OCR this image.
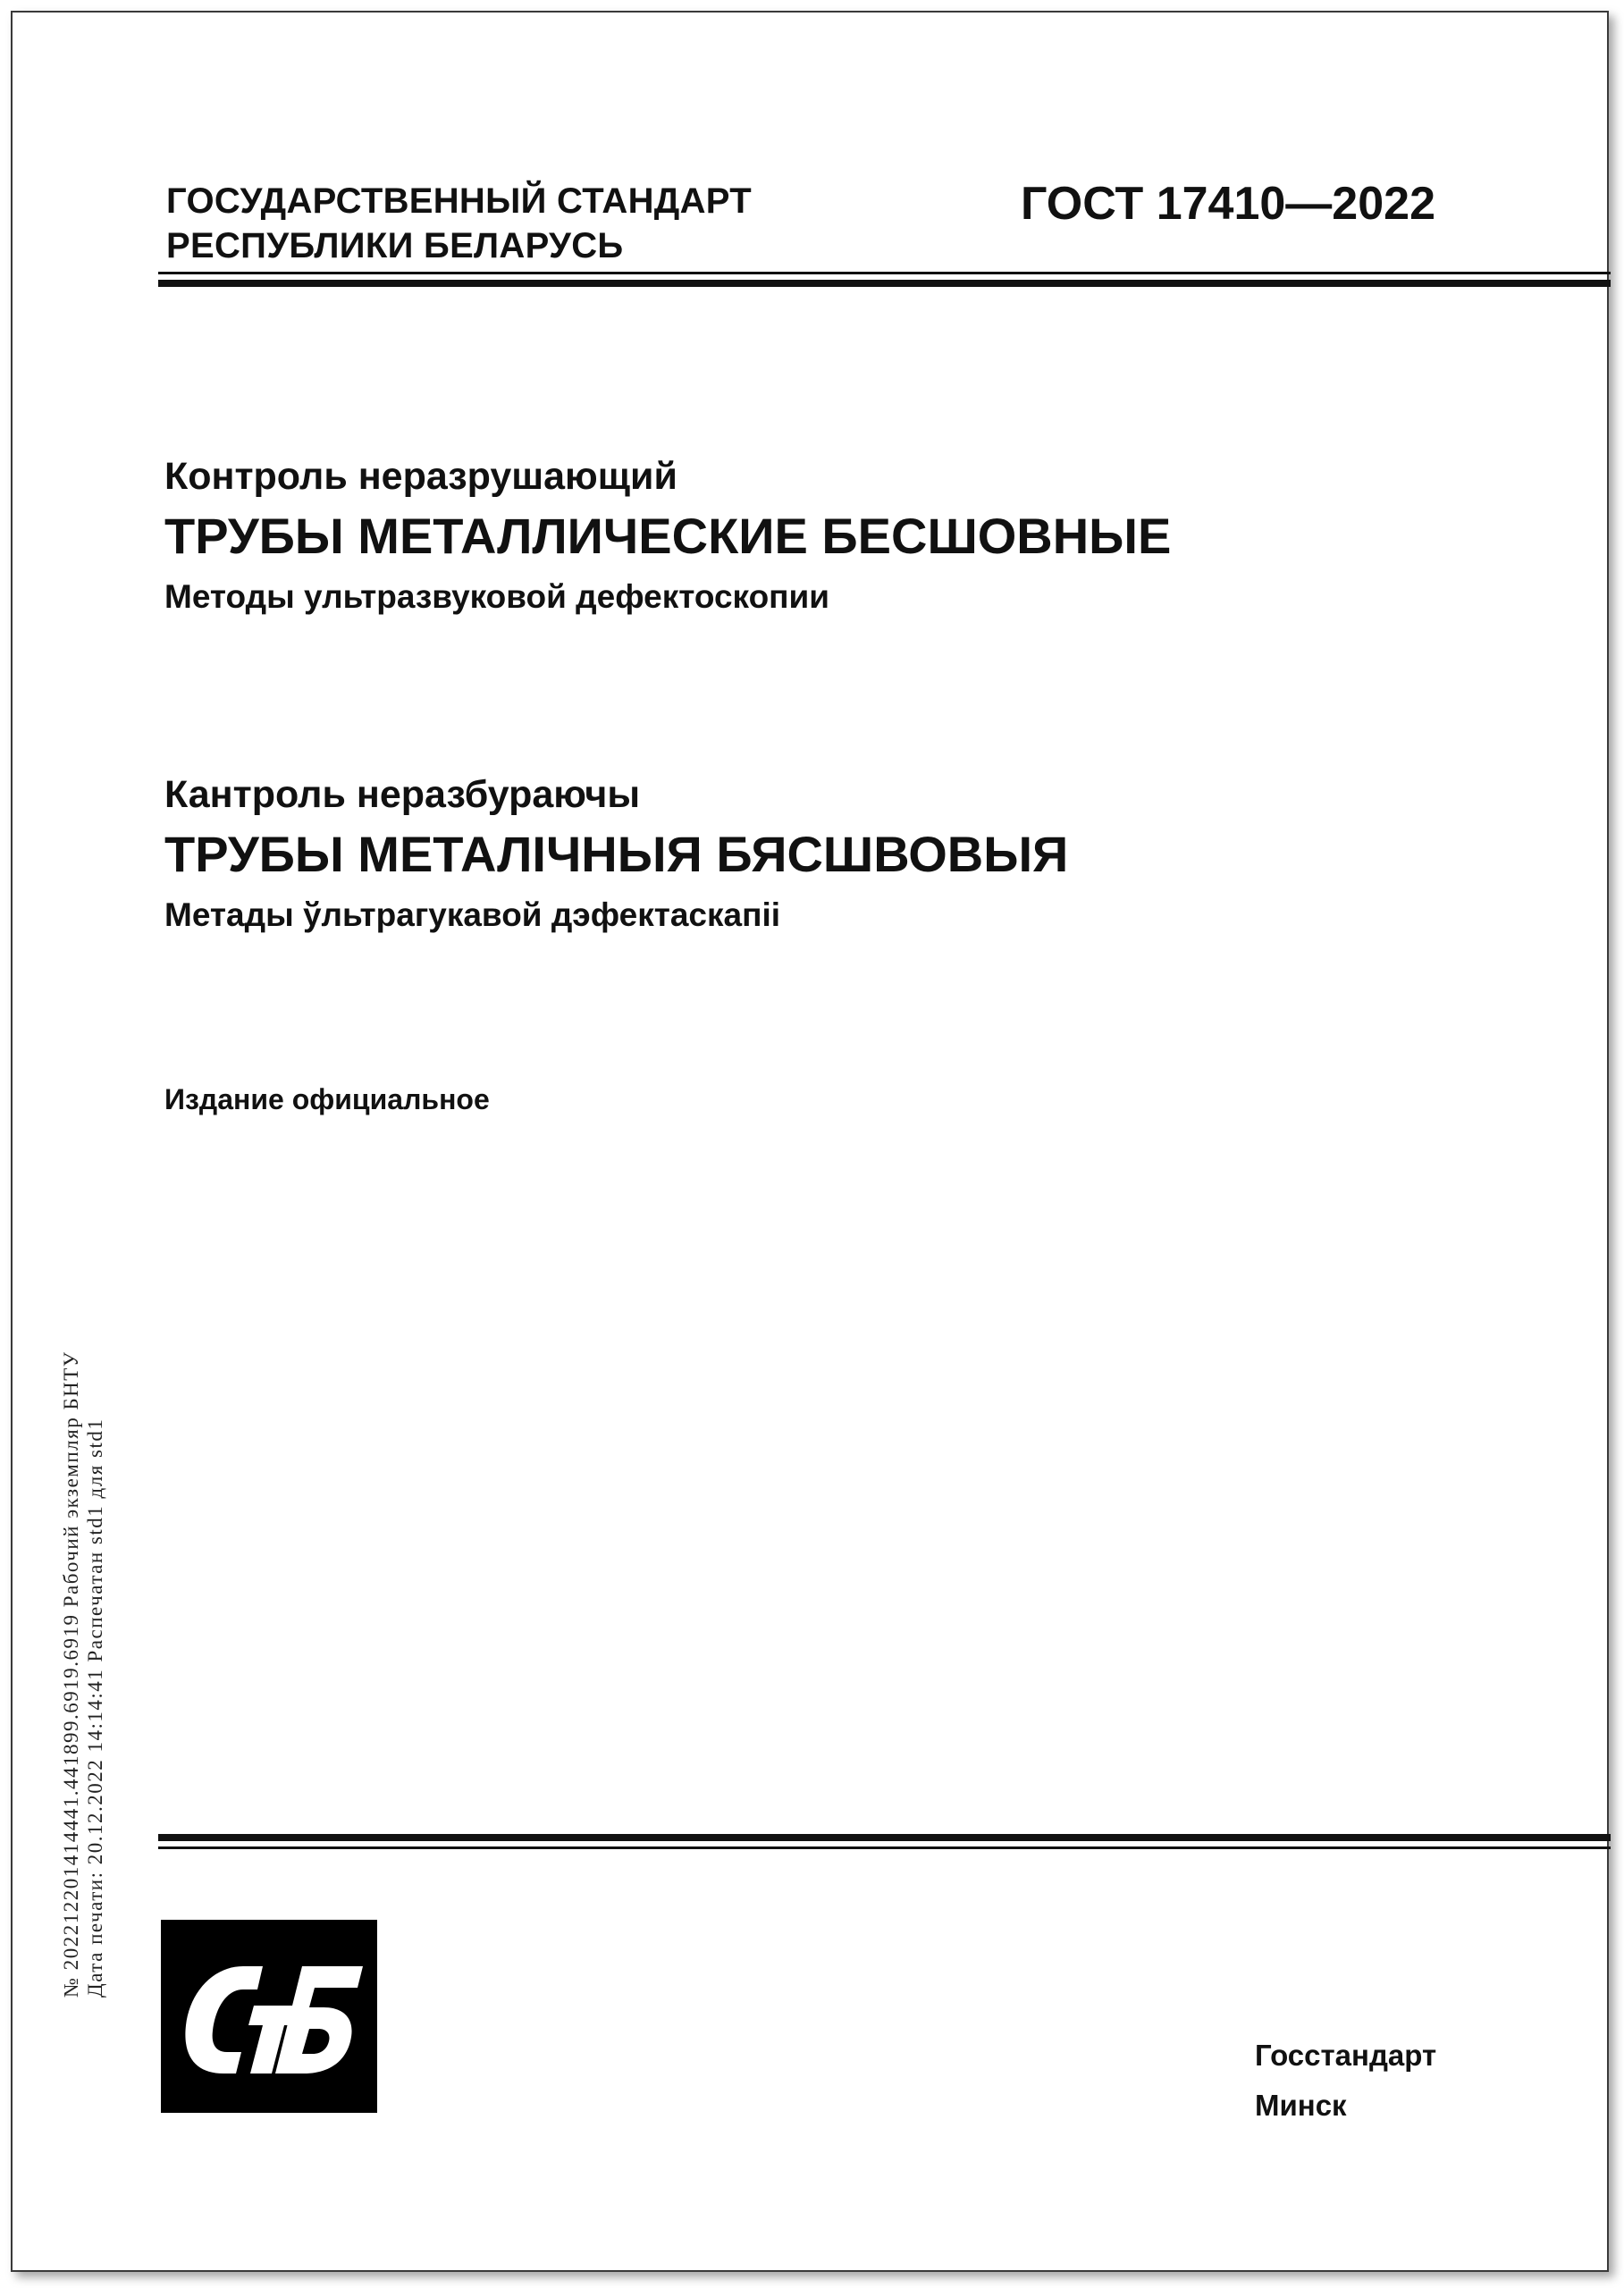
ГОСУДАРСТВЕННЫЙ СТАНДАРТ
РЕСПУБЛИКИ БЕЛАРУСЬ
ГОСТ 17410—2022
Контроль неразрушающий
ТРУБЫ МЕТАЛЛИЧЕСКИЕ БЕСШОВНЫЕ
Методы ультразвуковой дефектоскопии
Кантроль неразбураючы
ТРУБЫ МЕТАЛІЧНЫЯ БЯСШВОВЫЯ
Метады ўльтрагукавой дэфектаскапіі
Издание официальное
Госстандарт
Минск
№ 202212201414441.441899.6919.6919 Рабочий экземпляр БНТУ Дата печати: 20.12.2022 14:14:41 Распечатан std1 для std1
